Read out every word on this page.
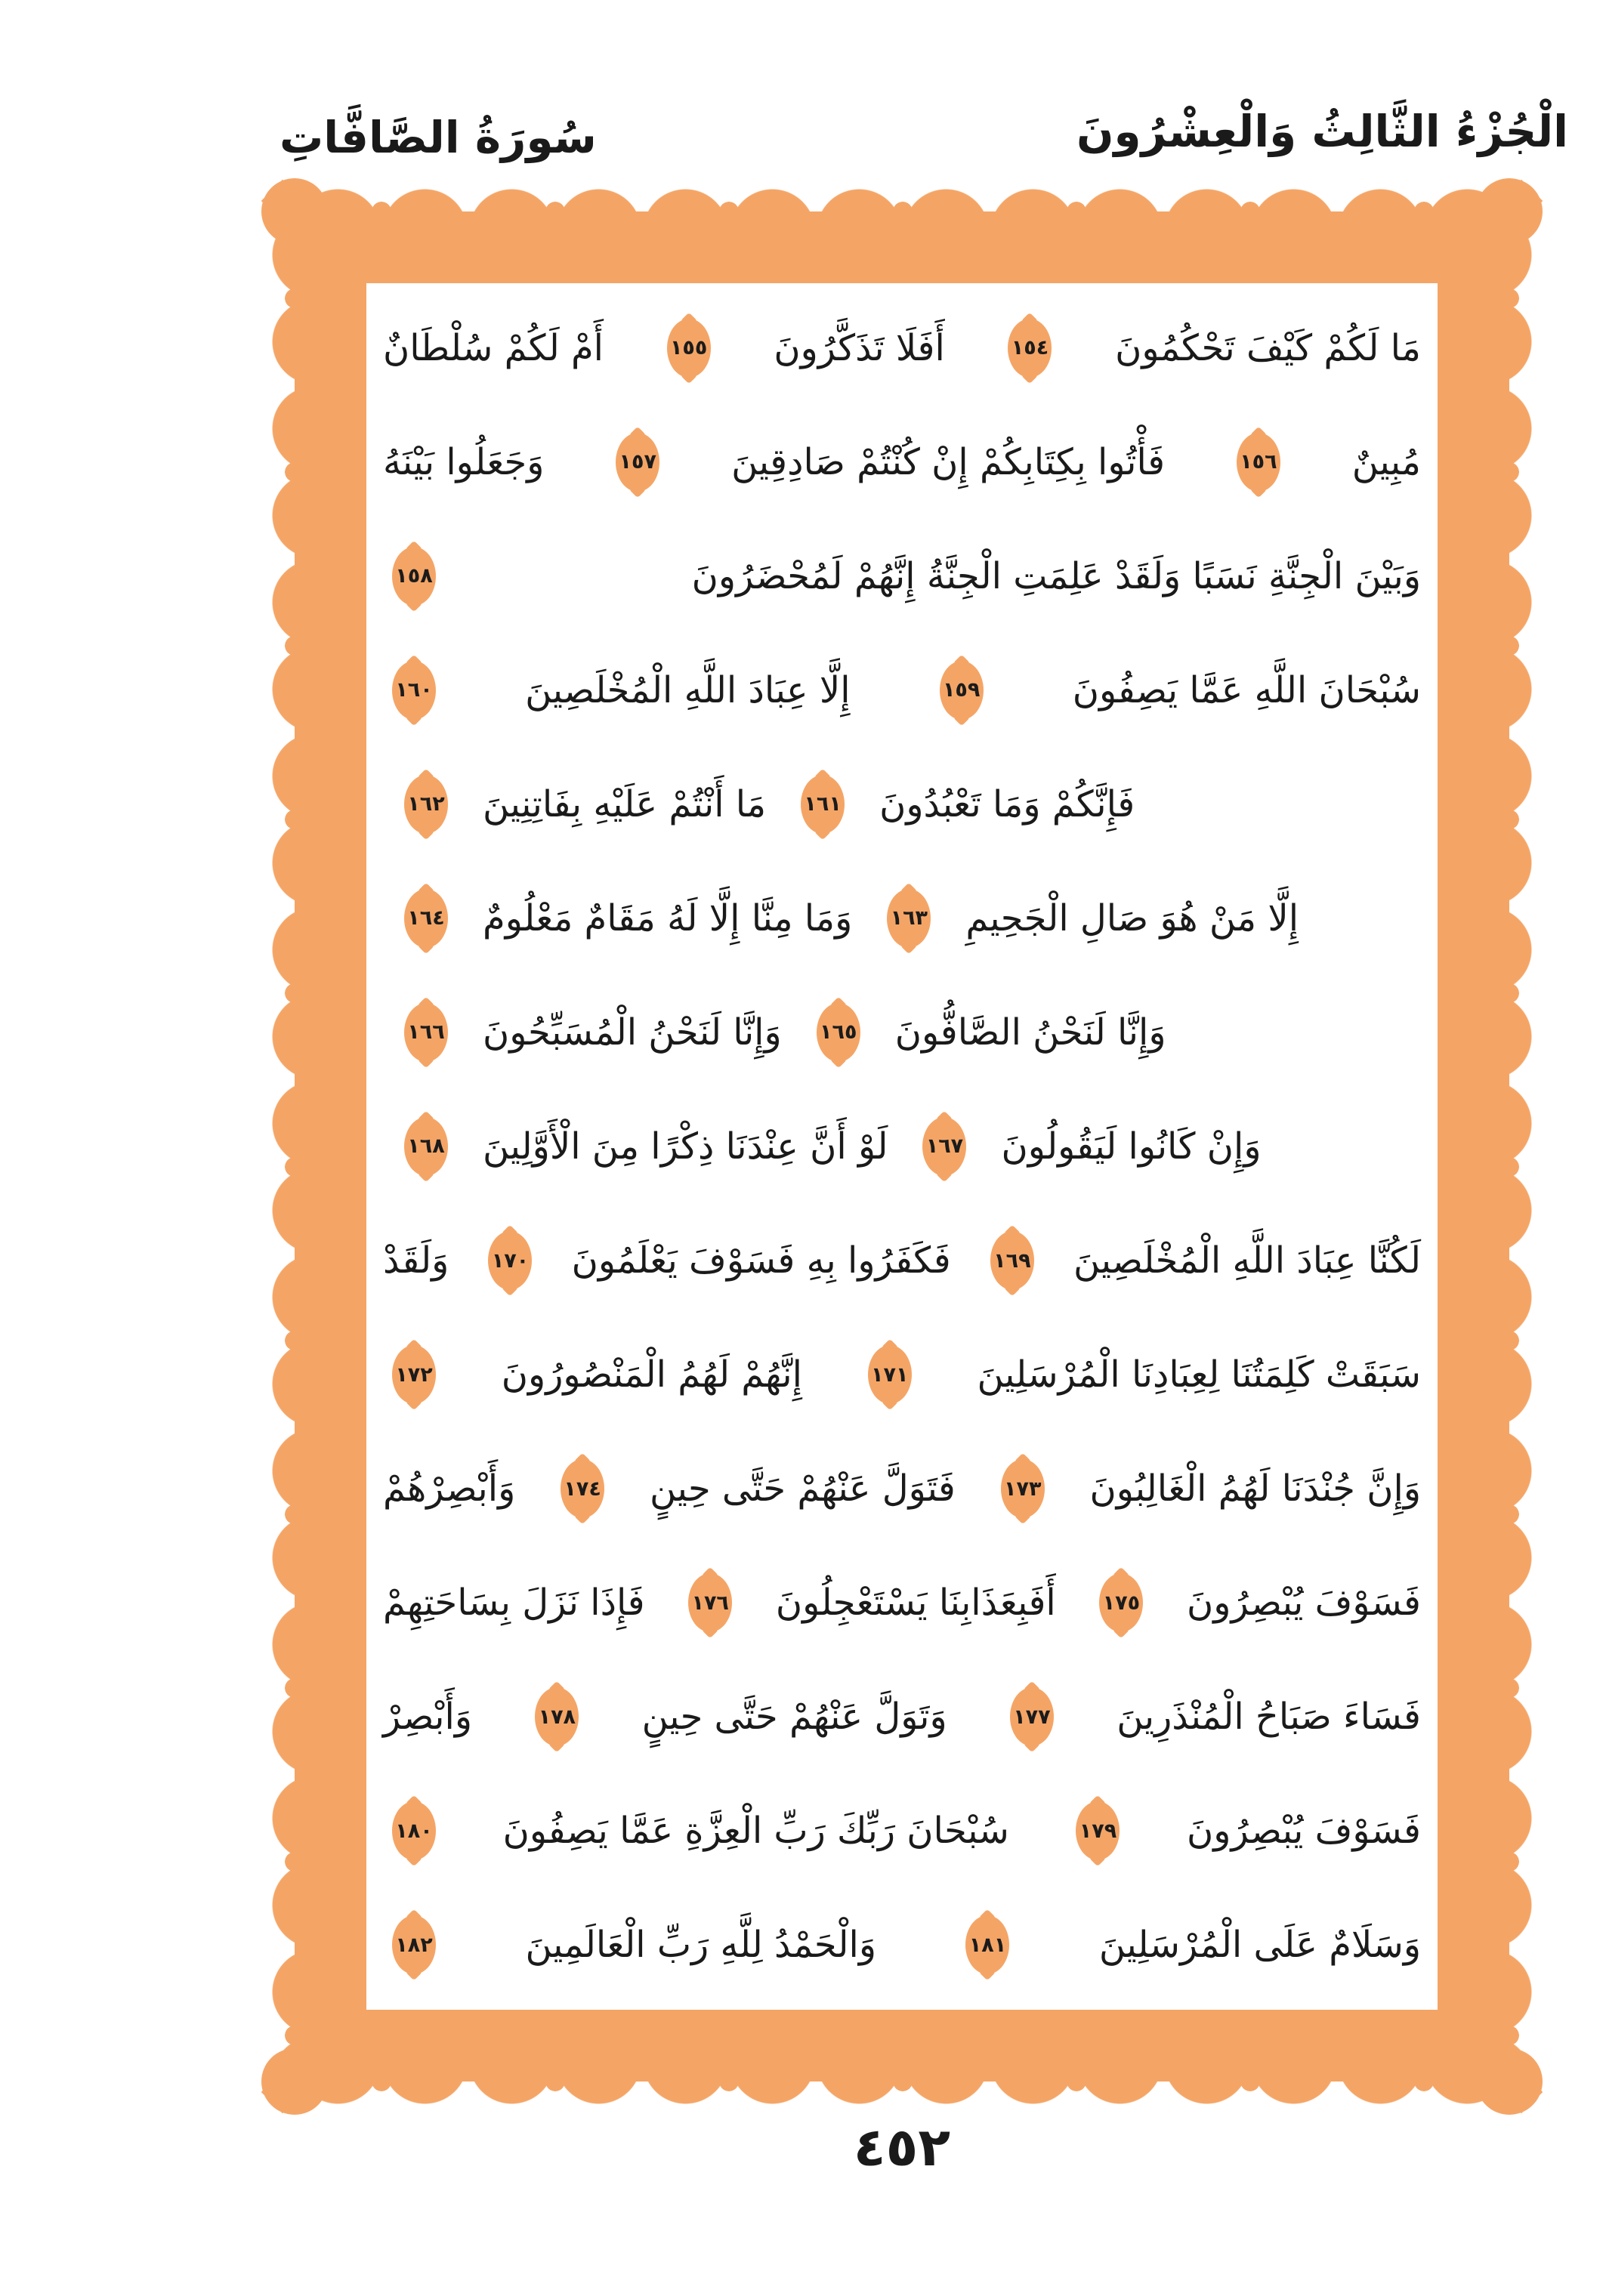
سُورَةُ الصَّافَّاتِ	الْجُزْءُ الثَّالِثُ وَالْعِشْرُونَ
مَا لَكُمْ كَيْفَ تَحْكُمُونَ
١٥٤
أَفَلَا تَذَكَّرُونَ
١٥٥
أَمْ لَكُمْ سُلْطَانٌ
مُبِينٌ
١٥٦
فَأْتُوا بِكِتَابِكُمْ إِنْ كُنْتُمْ صَادِقِينَ
١٥٧
وَجَعَلُوا بَيْنَهُ
وَبَيْنَ الْجِنَّةِ نَسَبًا وَلَقَدْ عَلِمَتِ الْجِنَّةُ إِنَّهُمْ لَمُحْضَرُونَ
١٥٨
سُبْحَانَ اللَّهِ عَمَّا يَصِفُونَ
١٥٩
إِلَّا عِبَادَ اللَّهِ الْمُخْلَصِينَ
١٦٠
فَإِنَّكُمْ وَمَا تَعْبُدُونَ
١٦١
مَا أَنْتُمْ عَلَيْهِ بِفَاتِنِينَ
١٦٢
إِلَّا مَنْ هُوَ صَالِ الْجَحِيمِ
١٦٣
وَمَا مِنَّا إِلَّا لَهُ مَقَامٌ مَعْلُومٌ
١٦٤
وَإِنَّا لَنَحْنُ الصَّافُّونَ
١٦٥
وَإِنَّا لَنَحْنُ الْمُسَبِّحُونَ
١٦٦
وَإِنْ كَانُوا لَيَقُولُونَ
١٦٧
لَوْ أَنَّ عِنْدَنَا ذِكْرًا مِنَ الْأَوَّلِينَ
١٦٨
لَكُنَّا عِبَادَ اللَّهِ الْمُخْلَصِينَ
١٦٩
فَكَفَرُوا بِهِ فَسَوْفَ يَعْلَمُونَ
١٧٠
وَلَقَدْ
سَبَقَتْ كَلِمَتُنَا لِعِبَادِنَا الْمُرْسَلِينَ
١٧١
إِنَّهُمْ لَهُمُ الْمَنْصُورُونَ
١٧٢
وَإِنَّ جُنْدَنَا لَهُمُ الْغَالِبُونَ
١٧٣
فَتَوَلَّ عَنْهُمْ حَتَّى حِينٍ
١٧٤
وَأَبْصِرْهُمْ
فَسَوْفَ يُبْصِرُونَ
١٧٥
أَفَبِعَذَابِنَا يَسْتَعْجِلُونَ
١٧٦
فَإِذَا نَزَلَ بِسَاحَتِهِمْ
فَسَاءَ صَبَاحُ الْمُنْذَرِينَ
١٧٧
وَتَوَلَّ عَنْهُمْ حَتَّى حِينٍ
١٧٨
وَأَبْصِرْ
فَسَوْفَ يُبْصِرُونَ
١٧٩
سُبْحَانَ رَبِّكَ رَبِّ الْعِزَّةِ عَمَّا يَصِفُونَ
١٨٠
وَسَلَامٌ عَلَى الْمُرْسَلِينَ
١٨١
وَالْحَمْدُ لِلَّهِ رَبِّ الْعَالَمِينَ
١٨٢
٤٥٢
